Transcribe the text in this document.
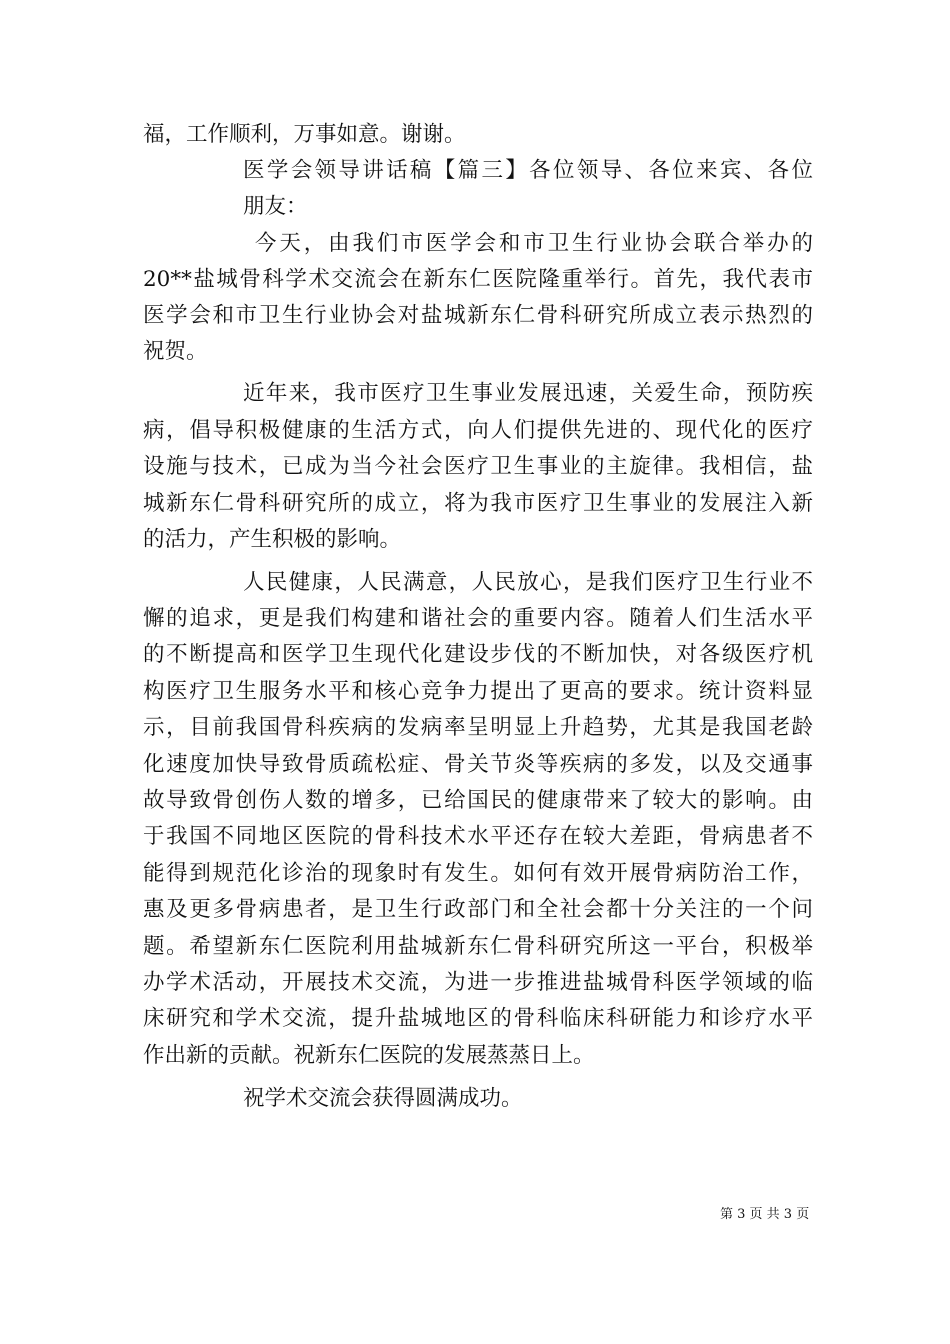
福，工作顺利，万事如意。谢谢。
医学会领导讲话稿【篇三】各位领导、各位来宾、各位
朋友：
今天，由我们市医学会和市卫生行业协会联合举办的
20**盐城骨科学术交流会在新东仁医院隆重举行。首先，我代表市
医学会和市卫生行业协会对盐城新东仁骨科研究所成立表示热烈的
祝贺。
近年来，我市医疗卫生事业发展迅速，关爱生命，预防疾
病，倡导积极健康的生活方式，向人们提供先进的、现代化的医疗
设施与技术，已成为当今社会医疗卫生事业的主旋律。我相信，盐
城新东仁骨科研究所的成立，将为我市医疗卫生事业的发展注入新
的活力，产生积极的影响。
人民健康，人民满意，人民放心，是我们医疗卫生行业不
懈的追求，更是我们构建和谐社会的重要内容。随着人们生活水平
的不断提高和医学卫生现代化建设步伐的不断加快，对各级医疗机
构医疗卫生服务水平和核心竞争力提出了更高的要求。统计资料显
示，目前我国骨科疾病的发病率呈明显上升趋势，尤其是我国老龄
化速度加快导致骨质疏松症、骨关节炎等疾病的多发，以及交通事
故导致骨创伤人数的增多，已给国民的健康带来了较大的影响。由
于我国不同地区医院的骨科技术水平还存在较大差距，骨病患者不
能得到规范化诊治的现象时有发生。如何有效开展骨病防治工作，
惠及更多骨病患者，是卫生行政部门和全社会都十分关注的一个问
题。希望新东仁医院利用盐城新东仁骨科研究所这一平台，积极举
办学术活动，开展技术交流，为进一步推进盐城骨科医学领域的临
床研究和学术交流，提升盐城地区的骨科临床科研能力和诊疗水平
作出新的贡献。祝新东仁医院的发展蒸蒸日上。
祝学术交流会获得圆满成功。
第 3 页 共 3 页
